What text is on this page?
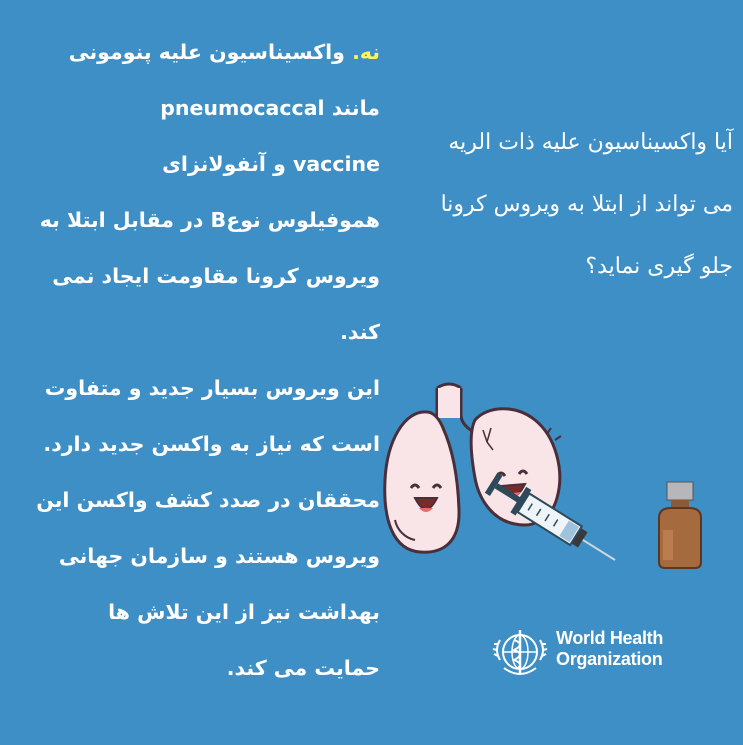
آیا واکسیناسیون علیه ذات الریه
می تواند از ابتلا به ویروس کرونا
جلو گیری نماید؟

نه. واکسیناسیون علیه پنومونی

مانند pneumocaccal

vaccine و آنفولانزای

هموفیلوس نوعB در مقابل ابتلا به

ویروس کرونا مقاومت ایجاد نمی

کند.

این ویروس بسیار جدید و متفاوت

است که نیاز به واکسن جدید دارد.

محققان در صدد کشف واکسن این

ویروس هستند و سازمان جهانی

بهداشت نیز از این تلاش ها

حمایت می کند.

World Health
Organization
